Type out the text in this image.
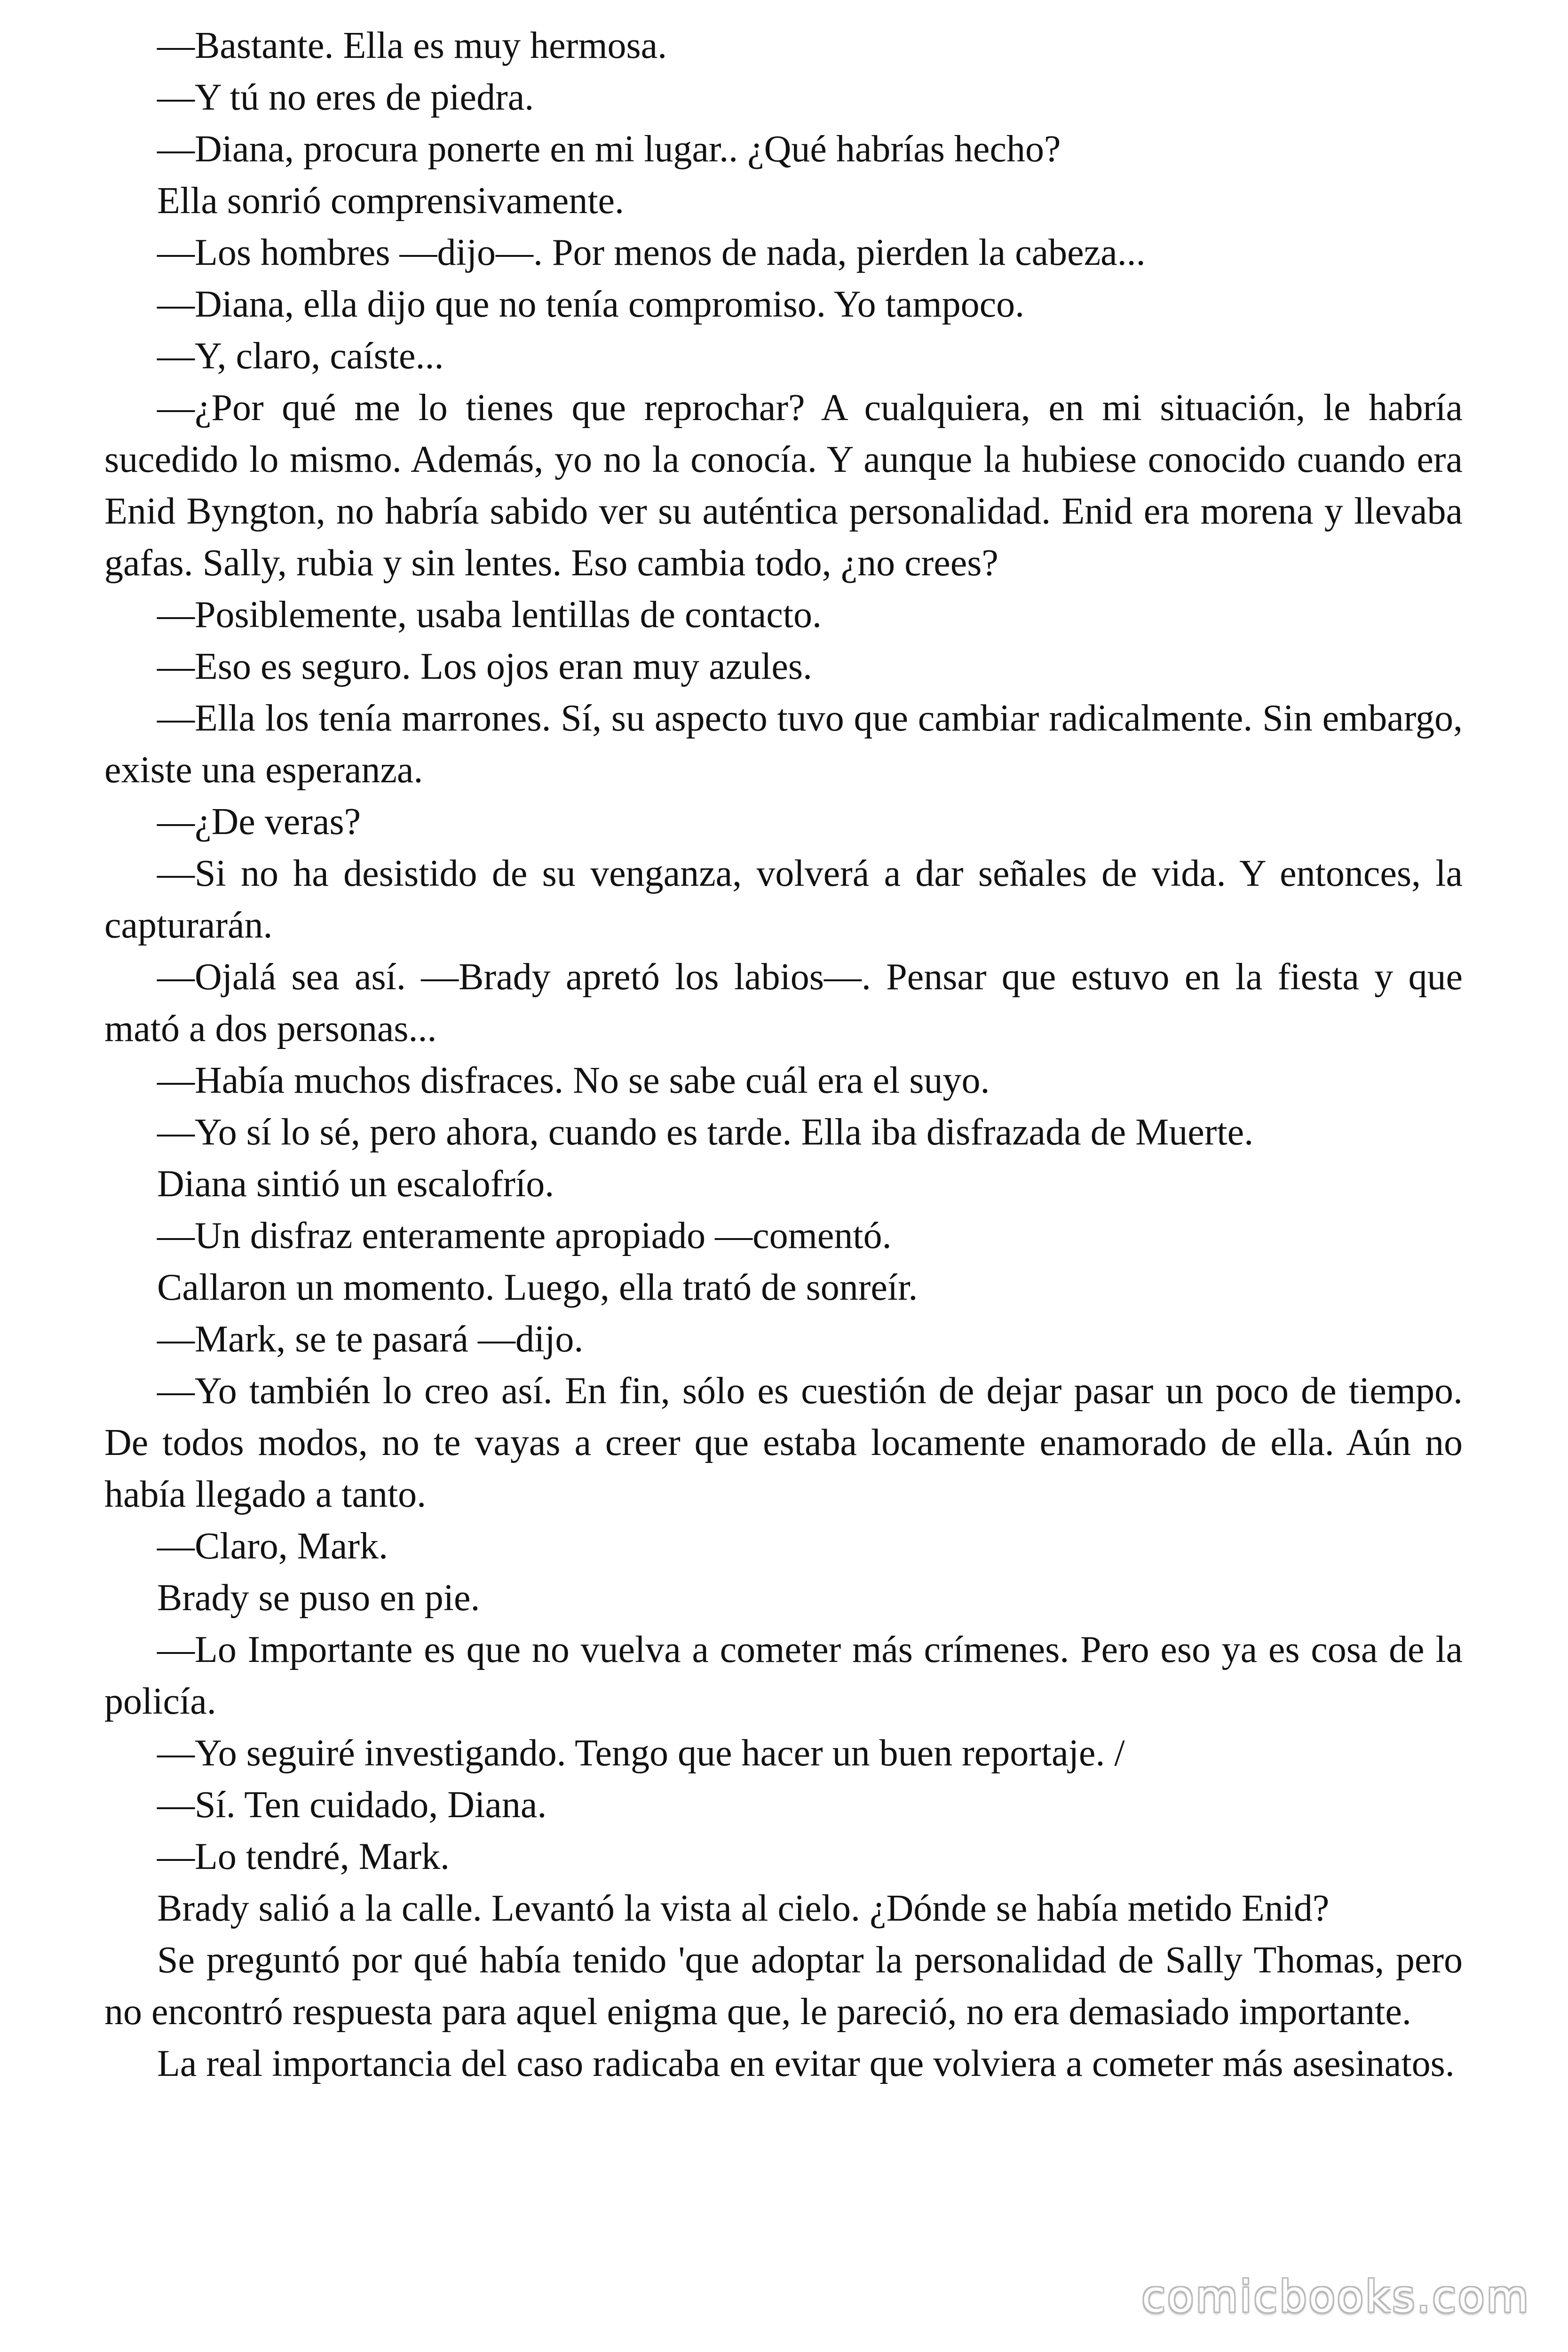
—Bastante. Ella es muy hermosa.

—Y tú no eres de piedra.

—Diana, procura ponerte en mi lugar.. ¿Qué habrías hecho?

Ella sonrió comprensivamente.

—Los hombres —dijo—. Por menos de nada, pierden la cabeza...

—Diana, ella dijo que no tenía compromiso. Yo tampoco.

—Y, claro, caíste...

—¿Por qué me lo tienes que reprochar? A cualquiera, en mi situación, le habría sucedido lo mismo. Además, yo no la conocía. Y aunque la hubiese conocido cuando era Enid Byngton, no habría sabido ver su auténtica personalidad. Enid era morena y llevaba gafas. Sally, rubia y sin lentes. Eso cambia todo, ¿no crees?

—Posiblemente, usaba lentillas de contacto.

—Eso es seguro. Los ojos eran muy azules.

—Ella los tenía marrones. Sí, su aspecto tuvo que cambiar radicalmente. Sin embargo, existe una esperanza.

—¿De veras?

—Si no ha desistido de su venganza, volverá a dar señales de vida. Y entonces, la capturarán.

—Ojalá sea así. —Brady apretó los labios—. Pensar que estuvo en la fiesta y que mató a dos personas...

—Había muchos disfraces. No se sabe cuál era el suyo.

—Yo sí lo sé, pero ahora, cuando es tarde. Ella iba disfrazada de Muerte.

Diana sintió un escalofrío.

—Un disfraz enteramente apropiado —comentó.

Callaron un momento. Luego, ella trató de sonreír.

—Mark, se te pasará —dijo.

—Yo también lo creo así. En fin, sólo es cuestión de dejar pasar un poco de tiempo. De todos modos, no te vayas a creer que estaba locamente enamorado de ella. Aún no había llegado a tanto.

—Claro, Mark.

Brady se puso en pie.

—Lo Importante es que no vuelva a cometer más crímenes. Pero eso ya es cosa de la policía.

—Yo seguiré investigando. Tengo que hacer un buen reportaje. /

—Sí. Ten cuidado, Diana.

—Lo tendré, Mark.

Brady salió a la calle. Levantó la vista al cielo. ¿Dónde se había metido Enid?

Se preguntó por qué había tenido 'que adoptar la personalidad de Sally Thomas, pero no encontró respuesta para aquel enigma que, le pareció, no era demasiado importante.

La real importancia del caso radicaba en evitar que volviera a cometer más asesinatos.

comicbooks.com
